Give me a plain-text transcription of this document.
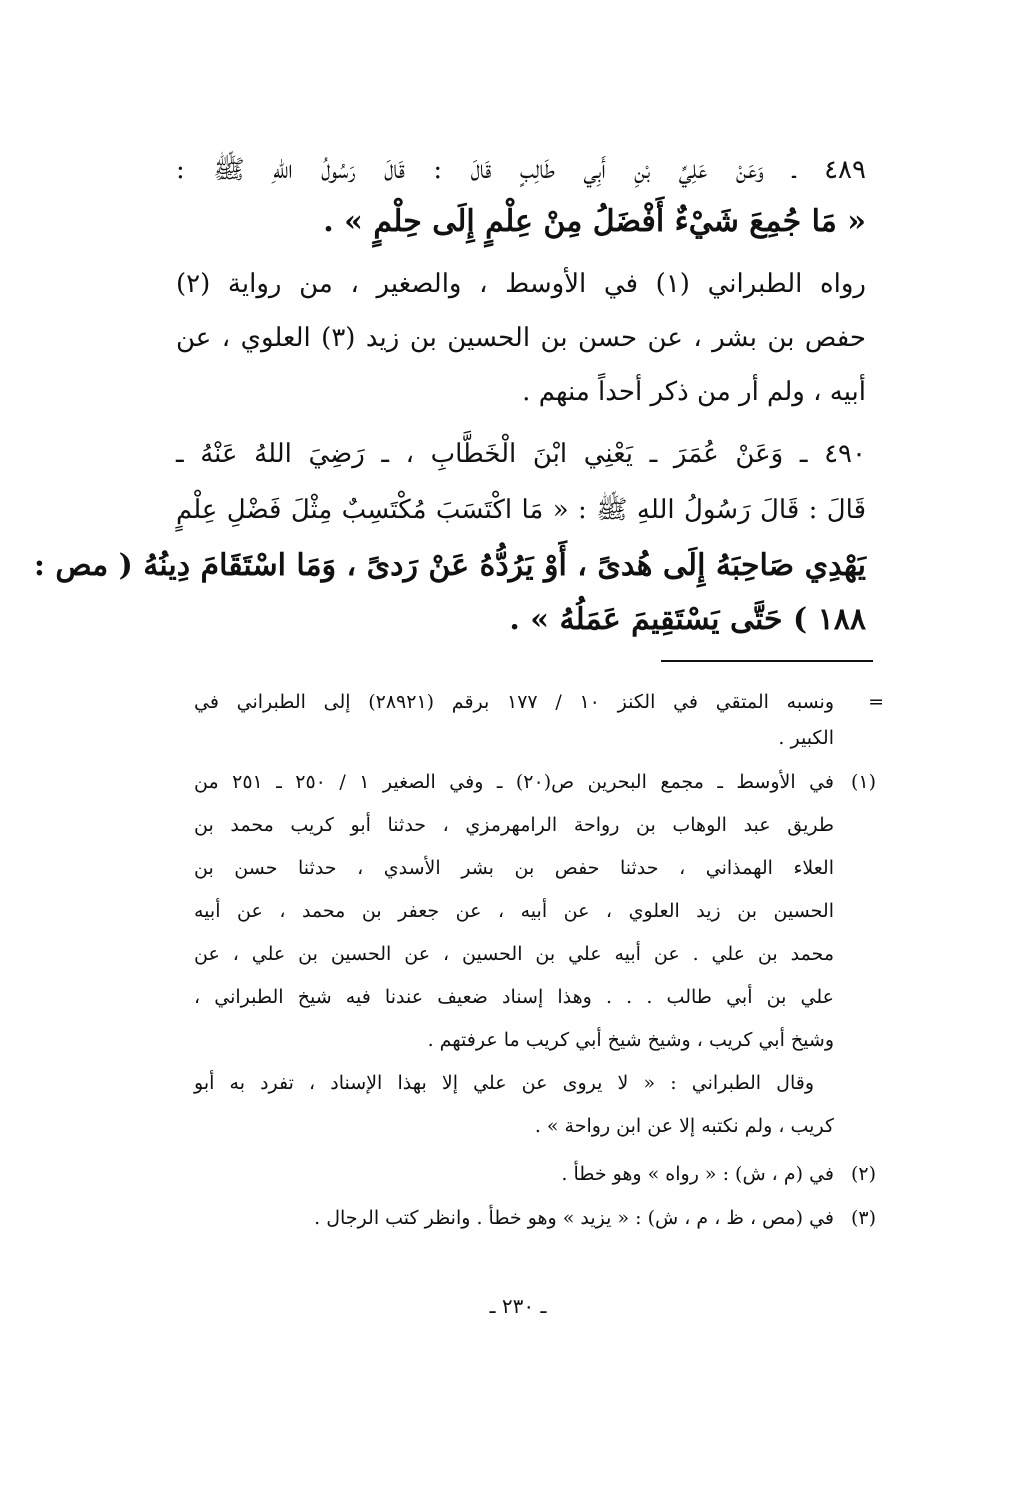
٤٨٩ ـ وَعَنْ عَلِيِّ بْنِ أَبِي طَالِبٍ قَالَ : قَالَ رَسُولُ اللهِ ﷺ :
« مَا جُمِعَ شَيْءٌ أَفْضَلُ مِنْ عِلْمٍ إِلَى حِلْمٍ » .
رواه الطبراني (١) في الأوسط ، والصغير ، من رواية (٢)
حفص بن بشر ، عن حسن بن الحسين بن زيد (٣) العلوي ، عن
أبيه ، ولم أر من ذكر أحداً منهم .
٤٩٠ ـ وَعَنْ عُمَرَ ـ يَعْنِي ابْنَ الْخَطَّابِ ، ـ رَضِيَ اللهُ عَنْهُ ـ
قَالَ : قَالَ رَسُولُ اللهِ ﷺ : « مَا اكْتَسَبَ مُكْتَسِبٌ مِثْلَ فَضْلِ عِلْمٍ
يَهْدِي صَاحِبَهُ إِلَى هُدىً ، أَوْ يَرُدُّهُ عَنْ رَدىً ، وَمَا اسْتَقَامَ دِينُهُ ( مص :
١٨٨ ) حَتَّى يَسْتَقِيمَ عَمَلُهُ » .
=
ونسبه المتقي في الكنز ١٠ / ١٧٧ برقم (٢٨٩٢١) إلى الطبراني في
الكبير .
(١)
في الأوسط ـ مجمع البحرين ص(٢٠) ـ وفي الصغير ١ / ٢٥٠ ـ ٢٥١ من
طريق عبد الوهاب بن رواحة الرامهرمزي ، حدثنا أبو كريب محمد بن
العلاء الهمذاني ، حدثنا حفص بن بشر الأسدي ، حدثنا حسن بن
الحسين بن زيد العلوي ، عن أبيه ، عن جعفر بن محمد ، عن أبيه
محمد بن علي . عن أبيه علي بن الحسين ، عن الحسين بن علي ، عن
علي بن أبي طالب . . . وهذا إسناد ضعيف عندنا فيه شيخ الطبراني ،
وشيخ أبي كريب ، وشيخ شيخ أبي كريب ما عرفتهم .
وقال الطبراني : « لا يروى عن علي إلا بهذا الإسناد ، تفرد به أبو
كريب ، ولم نكتبه إلا عن ابن رواحة » .
(٢)
في (م ، ش) : « رواه » وهو خطأ .
(٣)
في (مص ، ظ ، م ، ش) : « يزيد » وهو خطأ . وانظر كتب الرجال .
ـ ٢٣٠ ـ
